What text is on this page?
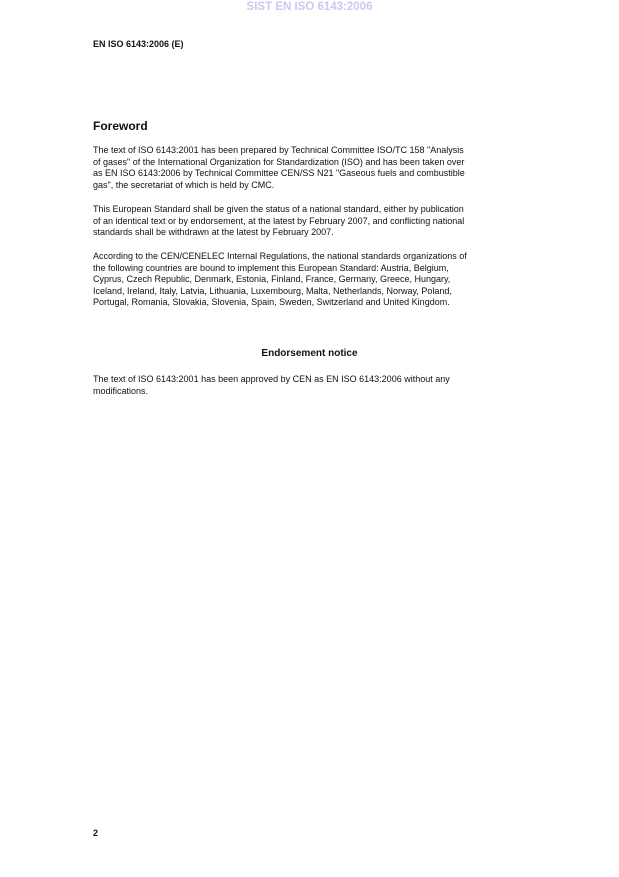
SIST EN ISO 6143:2006
EN ISO 6143:2006 (E)
Foreword
The text of ISO 6143:2001 has been prepared by Technical Committee ISO/TC 158 "Analysis
of gases" of the International Organization for Standardization (ISO) and has been taken over
as EN ISO 6143:2006 by Technical Committee CEN/SS N21 "Gaseous fuels and combustible
gas", the secretariat of which is held by CMC.
This European Standard shall be given the status of a national standard, either by publication
of an identical text or by endorsement, at the latest by February 2007, and conflicting national
standards shall be withdrawn at the latest by February 2007.
According to the CEN/CENELEC Internal Regulations, the national standards organizations of
the following countries are bound to implement this European Standard: Austria, Belgium,
Cyprus, Czech Republic, Denmark, Estonia, Finland, France, Germany, Greece, Hungary,
Iceland, Ireland, Italy, Latvia, Lithuania, Luxembourg, Malta, Netherlands, Norway, Poland,
Portugal, Romania, Slovakia, Slovenia, Spain, Sweden, Switzerland and United Kingdom.
Endorsement notice
The text of ISO 6143:2001 has been approved by CEN as EN ISO 6143:2006 without any
modifications.
2
